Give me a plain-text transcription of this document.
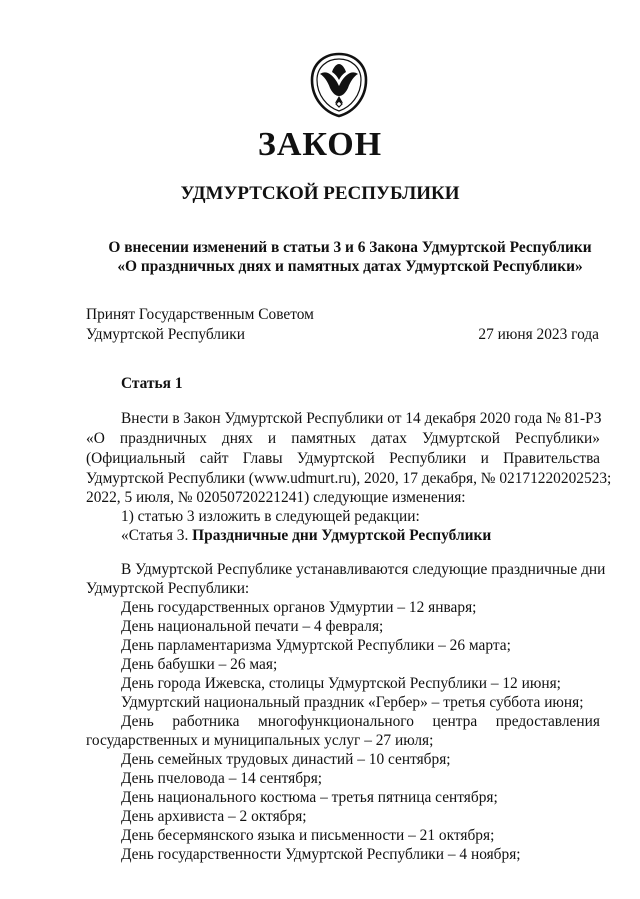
ЗАКОН
УДМУРТСКОЙ РЕСПУБЛИКИ
О внесении изменений в статьи 3 и 6 Закона Удмуртской Республики
«О праздничных днях и памятных датах Удмуртской Республики»
Принят Государственным Советом
Удмуртской Республики	27 июня 2023 года
Статья 1
Внести в Закон Удмуртской Республики от 14 декабря 2020 года № 81-РЗ
«О праздничных днях и памятных датах Удмуртской Республики»
(Официальный сайт Главы Удмуртской Республики и Правительства
Удмуртской Республики (www.udmurt.ru), 2020, 17 декабря, № 02171220202523;
2022, 5 июля, № 02050720221241) следующие изменения:
1) статью 3 изложить в следующей редакции:
«Статья 3. Праздничные дни Удмуртской Республики
В Удмуртской Республике устанавливаются следующие праздничные дни
Удмуртской Республики:
День государственных органов Удмуртии – 12 января;
День национальной печати – 4 февраля;
День парламентаризма Удмуртской Республики – 26 марта;
День бабушки – 26 мая;
День города Ижевска, столицы Удмуртской Республики – 12 июня;
Удмуртский национальный праздник «Гербер» – третья суббота июня;
День работника многофункционального центра предоставления
государственных и муниципальных услуг – 27 июля;
День семейных трудовых династий – 10 сентября;
День пчеловода – 14 сентября;
День национального костюма – третья пятница сентября;
День архивиста – 2 октября;
День бесермянского языка и письменности – 21 октября;
День государственности Удмуртской Республики – 4 ноября;
